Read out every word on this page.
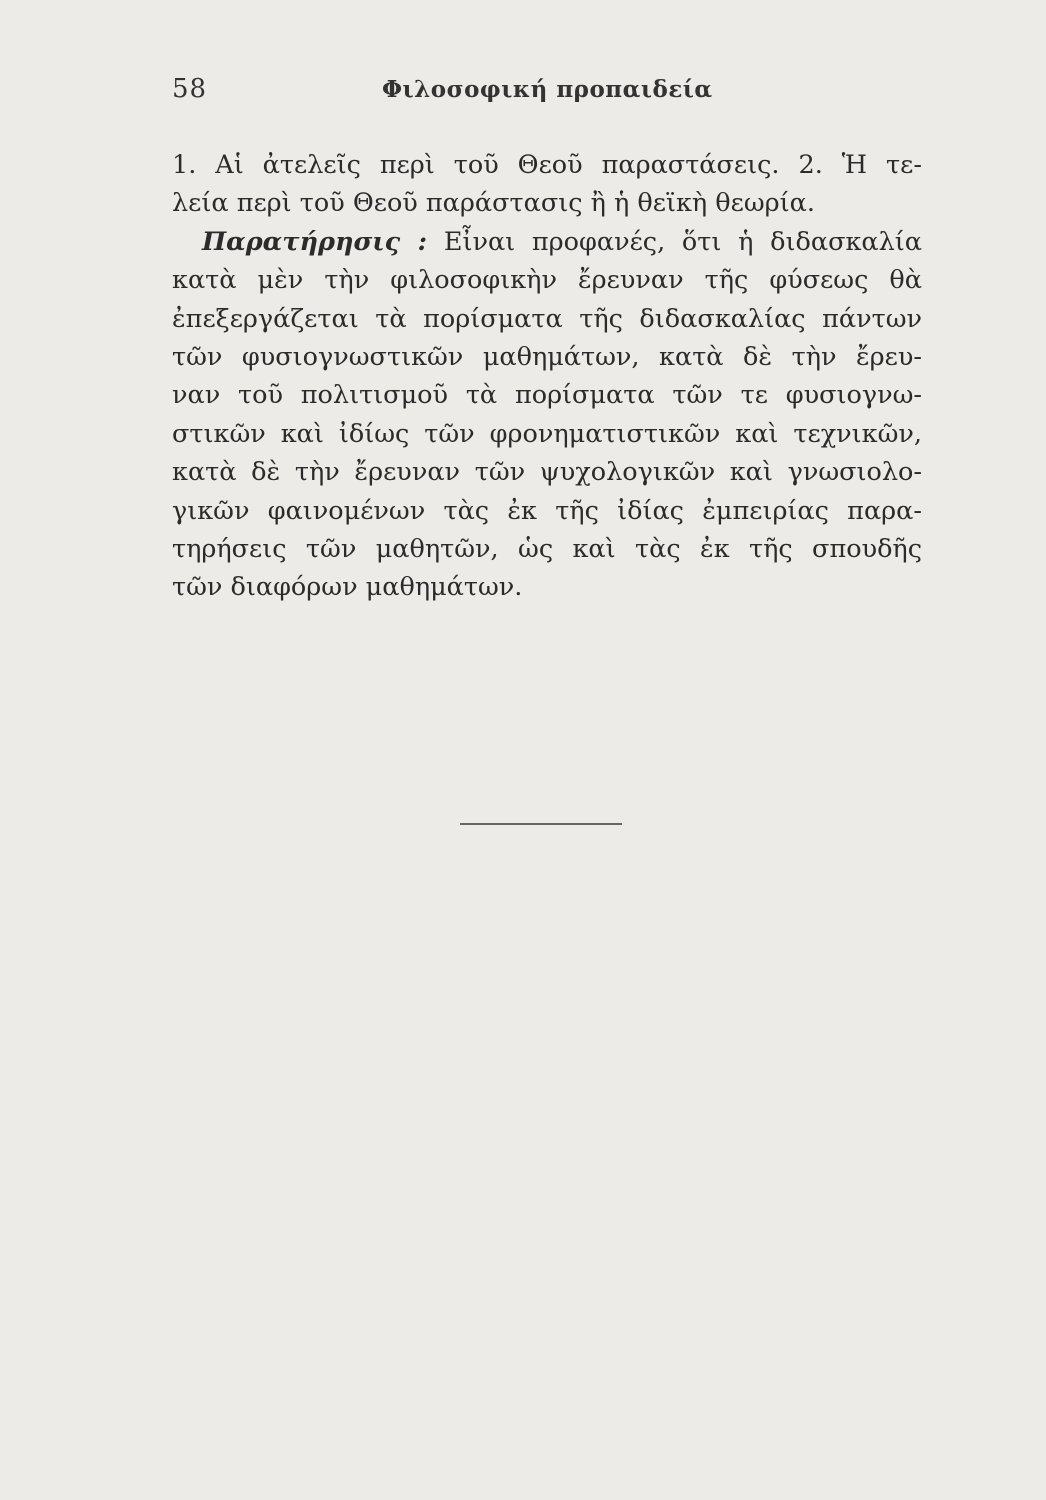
58	Φιλοσοφική προπαιδεία
1. Αἱ ἀτελεῖς περὶ τοῦ Θεοῦ παραστάσεις. 2. Ἡ τε-
λεία περὶ τοῦ Θεοῦ παράστασις ἢ ἡ θεϊκὴ θεωρία.
Παρατήρησις : Εἶναι προφανές, ὅτι ἡ διδασκαλία
κατὰ μὲν τὴν φιλοσοφικὴν ἔρευναν τῆς φύσεως θὰ
ἐπεξεργάζεται τὰ πορίσματα τῆς διδασκαλίας πάντων
τῶν φυσιογνωστικῶν μαθημάτων, κατὰ δὲ τὴν ἔρευ-
ναν τοῦ πολιτισμοῦ τὰ πορίσματα τῶν τε φυσιογνω-
στικῶν καὶ ἰδίως τῶν φρονηματιστικῶν καὶ τεχνικῶν,
κατὰ δὲ τὴν ἔρευναν τῶν ψυχολογικῶν καὶ γνωσιολο-
γικῶν φαινομένων τὰς ἐκ τῆς ἰδίας ἐμπειρίας παρα-
τηρήσεις τῶν μαθητῶν, ὡς καὶ τὰς ἐκ τῆς σπουδῆς
τῶν διαφόρων μαθημάτων.
